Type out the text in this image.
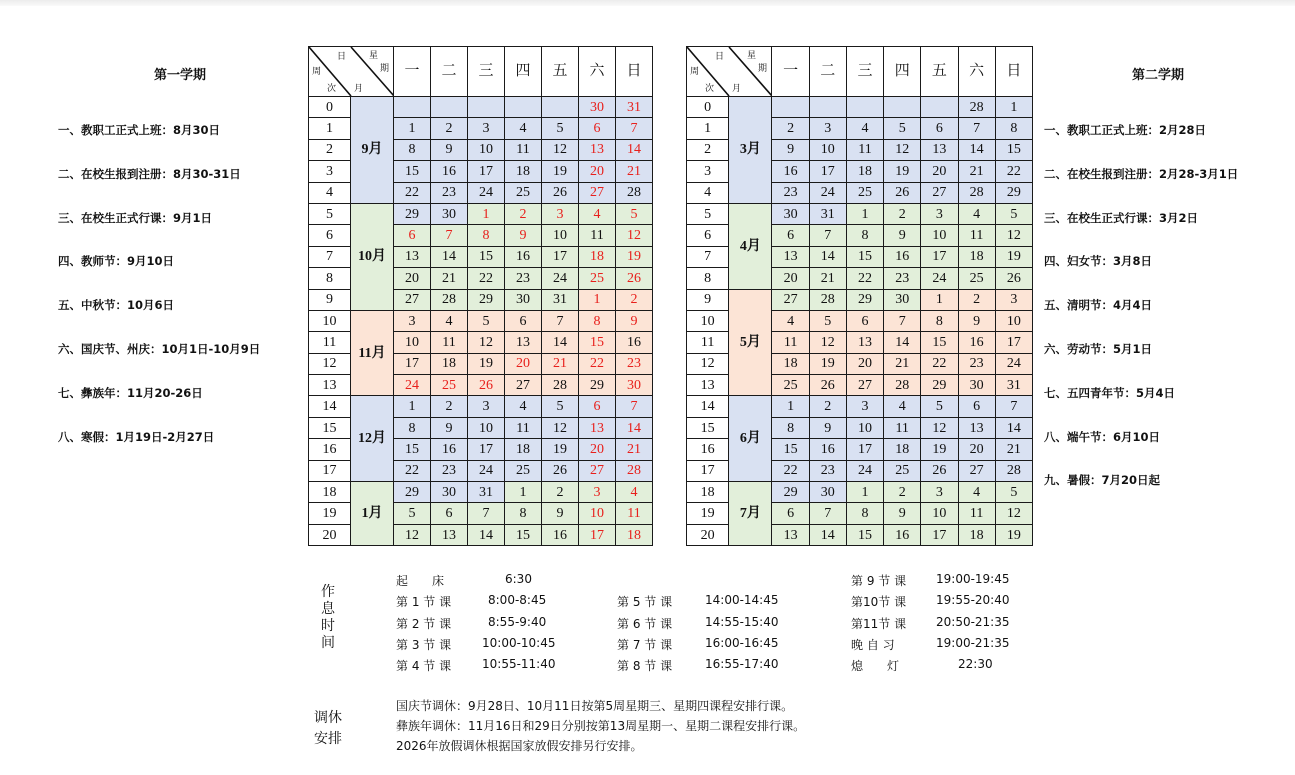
第一学期
一、教职工正式上班：8月30日
二、在校生报到注册：8月30-31日
三、在校生正式行课：9月1日
四、教师节：9月10日
五、中秋节：10月6日
六、国庆节、州庆：10月1日-10月9日
七、彝族年：11月20-26日
八、寒假：1月19日-2月27日
第二学期
一、教职工正式上班：2月28日
二、在校生报到注册：2月28-3月1日
三、在校生正式行课：3月2日
四、妇女节：3月8日
五、清明节：4月4日
六、劳动节：5月1日
七、五四青年节：5月4日
八、端午节：6月10日
九、暑假：7月20日起
日
周
次
星
期
月
	一	二	三	四	五	六	日
0	9月						30	31
1		1	2	3	4	5	6	7
2		8	9	10	11	12	13	14
3		15	16	17	18	19	20	21
4		22	23	24	25	26	27	28
5	10月	29	30	1	2	3	4	5
6		6	7	8	9	10	11	12
7		13	14	15	16	17	18	19
8		20	21	22	23	24	25	26
9		27	28	29	30	31	1	2
10	11月	3	4	5	6	7	8	9
11		10	11	12	13	14	15	16
12		17	18	19	20	21	22	23
13		24	25	26	27	28	29	30
14	12月	1	2	3	4	5	6	7
15		8	9	10	11	12	13	14
16		15	16	17	18	19	20	21
17		22	23	24	25	26	27	28
18	1月	29	30	31	1	2	3	4
19		5	6	7	8	9	10	11
20		12	13	14	15	16	17	18
日
周
次
星
期
月
	一	二	三	四	五	六	日
0	3月						28	1
1		2	3	4	5	6	7	8
2		9	10	11	12	13	14	15
3		16	17	18	19	20	21	22
4		23	24	25	26	27	28	29
5	4月	30	31	1	2	3	4	5
6		6	7	8	9	10	11	12
7		13	14	15	16	17	18	19
8		20	21	22	23	24	25	26
9	5月	27	28	29	30	1	2	3
10		4	5	6	7	8	9	10
11		11	12	13	14	15	16	17
12		18	19	20	21	22	23	24
13		25	26	27	28	29	30	31
14	6月	1	2	3	4	5	6	7
15		8	9	10	11	12	13	14
16		15	16	17	18	19	20	21
17		22	23	24	25	26	27	28
18	7月	29	30	1	2	3	4	5
19		6	7	8	9	10	11	12
20		13	14	15	16	17	18	19
作
息
时
间
起　　床	6:30
第 1 节 课	8:00-8:45
第 2 节 课	8:55-9:40
第 3 节 课	10:00-10:45
第 4 节 课	10:55-11:40
第 5 节 课	14:00-14:45
第 6 节 课	14:55-15:40
第 7 节 课	16:00-16:45
第 8 节 课	16:55-17:40
第 9 节 课 19:00-19:45
第10节 课 19:55-20:40
第11节 课 20:50-21:35
晚 自 习	19:00-21:35
熄　　灯	22:30
调休
安排
国庆节调休：9月28日、10月11日按第5周星期三、星期四课程安排行课。
彝族年调休：11月16日和29日分别按第13周星期一、星期二课程安排行课。
2026年放假调休根据国家放假安排另行安排。
